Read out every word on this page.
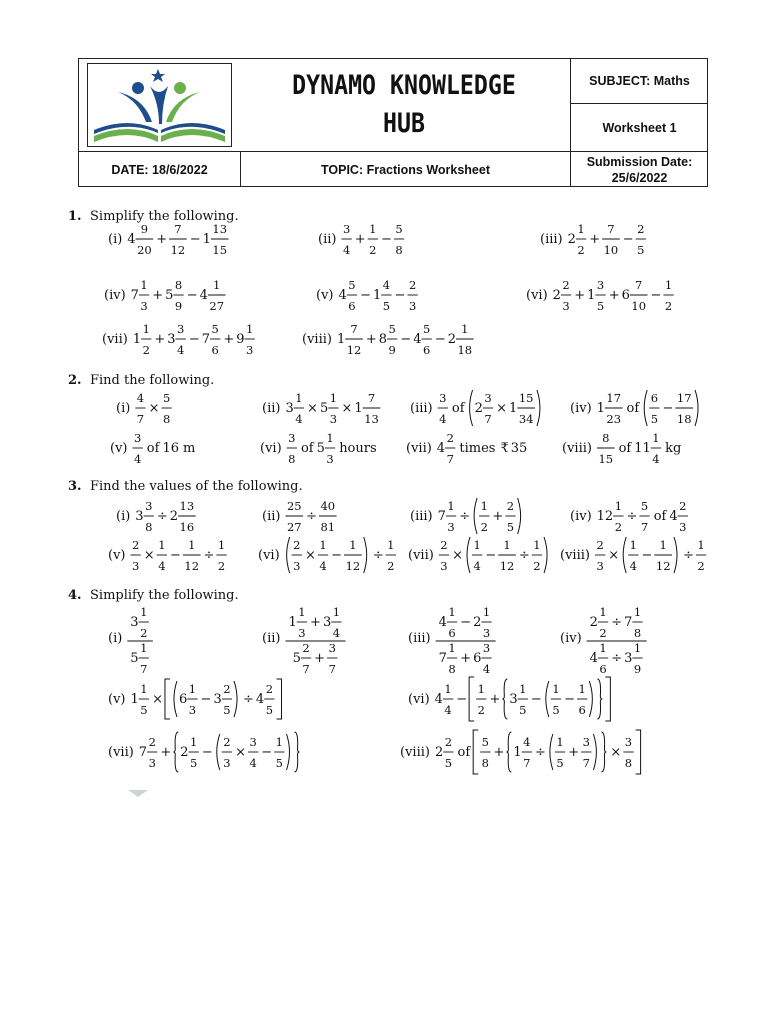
DYNAMO KNOWLEDGE
HUB
SUBJECT: Maths
Worksheet 1
DATE: 18/6/2022	TOPIC: Fractions Worksheet
Submission Date:
25/6/2022
1. Simplify the following.
2. Find the following.
3. Find the values of the following.
4. Simplify the following.
(i) 4
9
20
+
7
12
− 1
13
15
(ii)
3
4
+
1
2
−
5
8
(iii) 2
1
2
+
7
10
−
2
5
(iv) 7
1
3
+ 5
8
9
− 4
1
27
(v) 4
5
6
− 1
4
5
−
2
3
(vi) 2
2
3
+ 1
3
5
+ 6
7
10
−
1
2
(vii) 1
1
2
+ 3
3
4
− 7
5
6
+ 9
1
3
(viii) 1
7
12
+ 8
5
9
− 4
5
6
− 2
1
18
(i)
4
7
×
5
8
(ii) 3
1
4
× 5
1
3
× 1
7
13
(iii)
3
4
of 2
3
7
× 1
15
34
(iv) 1
17
23
of
6
5
−
17
18
(v)
3
4
of 16 m	(vi)
3
8
of 5
1
3
hours (vii) 4
2
7
times ₹ 35	(viii)
8
15
of 11
1
4
kg
(i) 3
3
8
÷ 2
13
16
(ii)
25
27
÷
40
81
(iii) 7
1
3
÷
1
2
+
2
5
(iv) 12
1
2
÷
5
7
of 4
2
3
(v)
2
3
×
1
4
−
1
12
÷
1
2
(vi)
2
3
×
1
4
−
1
12
÷
1
2
(vii)
2
3
×
1
4
−
1
12
÷
1
2
(viii)
2
3
×
1
4
−
1
12
÷
1
2
(i)
3
1
2
5
1
7
(ii)
1
1
3
+ 3
1
4
5
2
7
+
3
7
(iii)
4
1
6
− 2
1
3
7
1
8
+ 6
3
4
(iv)
2
1
2
÷ 7
1
8
4
1
6
÷ 3
1
9
(v) 1
1
5
× 6
1
3
− 3
2
5
÷ 4
2
5
(vi) 4
1
4
−
1
2
+ 3
1
5
−
1
5
−
1
6
(vii) 7
2
3
+ 2
1
5
−
2
3
×
3
4
−
1
5
(viii) 2
2
5
of
5
8
+ 1
4
7
÷
1
5
+
3
7
×
3
8
